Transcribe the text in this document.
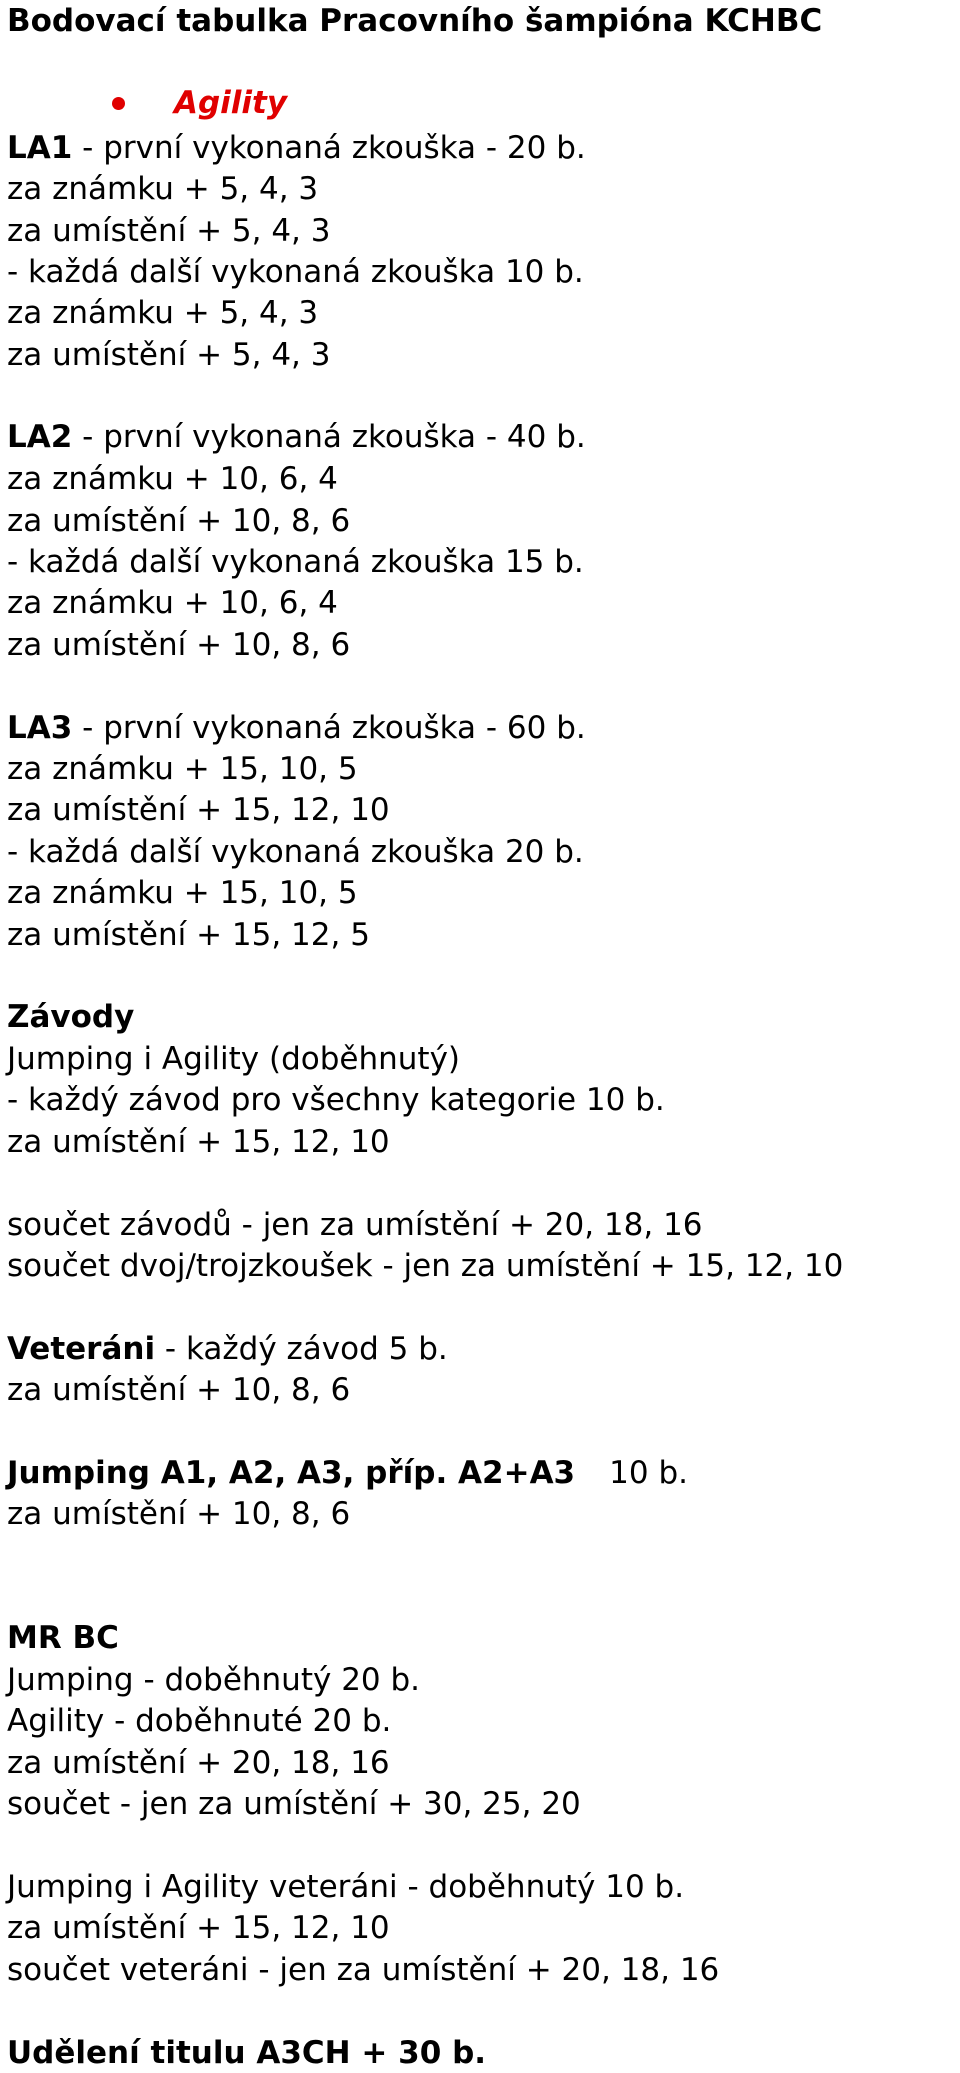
Bodovací tabulka Pracovního šampióna KCHBC

Agility

LA1 - první vykonaná zkouška - 20 b.
za známku + 5, 4, 3
za umístění + 5, 4, 3
- každá další vykonaná zkouška 10 b.
za známku + 5, 4, 3
za umístění + 5, 4, 3
LA2 - první vykonaná zkouška - 40 b.
za známku + 10, 6, 4
za umístění + 10, 8, 6
- každá další vykonaná zkouška 15 b.
za známku + 10, 6, 4
za umístění + 10, 8, 6
LA3 - první vykonaná zkouška - 60 b.
za známku + 15, 10, 5
za umístění + 15, 12, 10
- každá další vykonaná zkouška 20 b.
za známku + 15, 10, 5
za umístění + 15, 12, 5
Závody
Jumping i Agility (doběhnutý)
- každý závod pro všechny kategorie 10 b.
za umístění + 15, 12, 10
součet závodů - jen za umístění + 20, 18, 16
součet dvoj/trojzkoušek - jen za umístění + 15, 12, 10
Veteráni - každý závod 5 b.
za umístění + 10, 8, 6
Jumping A1, A2, A3, příp. A2+A3 10 b.
za umístění + 10, 8, 6
MR BC
Jumping - doběhnutý 20 b.
Agility - doběhnuté 20 b.
za umístění + 20, 18, 16
součet - jen za umístění + 30, 25, 20
Jumping i Agility veteráni - doběhnutý 10 b.
za umístění + 15, 12, 10
součet veteráni - jen za umístění + 20, 18, 16
Udělení titulu A3CH + 30 b.
